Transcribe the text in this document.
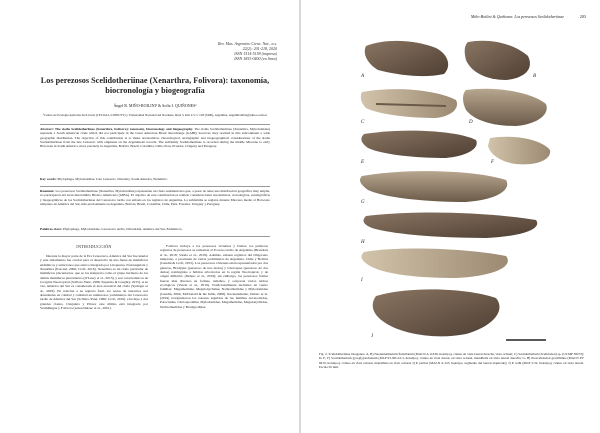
Rev. Mus. Argentino Cienc. Nat., n.s.
22(2): 201-218, 2020
ISSN 1514-5158 (impresa)
ISSN 1853-0400 (en línea)
Los perezosos Scelidotheriinae (Xenarthra, Folivora): taxonomía, biocronología y biogeografía
Ángel R. MIÑO-BOILINI¹ & Sofía I. QUIÑONES¹
¹Centro de Ecología Aplicada del Litoral (CECOAL-CONICET) y Universidad Nacional del Nordeste, Ruta 5, Km 2.5 cc 128 (3400), Argentina. angelmboilini@yahoo.com.ar
Abstract: The sloths Scelidotheriinae (Xenarthra, Folivora): taxonomy, biocronology and biogeography. The sloths Scelidotheriinae (Xenarthra, Mylodontidae) represent a South American clade which did not participate in the Great American Biotic Interchange (GABI); however, they reached in this subcontinent a wide geographic distribution. The objective of this contribution is to make taxonomical, chronological, stratigraphic and biogeographical considerations of the sloths Scelidotheriinae from the late Cenozoic with emphasis on the Argentinean records. The subfamily Scelidotheriinae is recorded during the middle Miocene to early Holocene in South America, more precisely in Argentina, Bolivia, Brazil, Colombia, Chile, Peru, Ecuador, Uruguay and Paraguay.
Key words: Phylophaga, Mylodontidae, Late Cenozoic, Diversity, South America, Endemics.
Resumen: Los perezosos Scelidotheriinae (Xenarthra, Mylodontidae) representan un clado sudamericano que, a pesar de tener una distribución geográfica muy amplia, no participaron del Gran Intercambio Biótico Americano (GIBA). El objetivo de esta contribución es realizar consideraciones taxonómicas, cronológicas, estratigráficas y biogeográficas de los Scelidotheriinae del Cenozoico tardío con énfasis en los registros de Argentina. La subfamilia se registra durante Mioceno medio al Holoceno temprano de América del Sur, más precisamente en Argentina, Bolivia, Brasil, Colombia, Chile, Perú, Ecuador, Uruguay y Paraguay.
Palabras clave: Phylophaga, Mylodontidae, Cenozoico tardío, Diversidad, América del Sur, Endémicos.
INTRODUCCIÓN

Durante la mayor parte de la Era Cenozoica, América del Sur fue insular y este aislamiento fue crucial para el desarrollo de una fauna de mamíferos endémicos y autóctonos que estuvo integrada por Litopterna, Notoungulata y Xenarthra (Pascual, 2006; Croft, 2016). Xenarthra es un clado particular de mamíferos placentarios, que se los interpreta como el grupo hermano de los demás mamíferos placentarios (O'Leary et al., 2013), y son característicos de la región Neotropical (Scillato-Yané, 1986; Superina & Loughry, 2015). A su vez, América del Sur es considerada el área ancestral del clado (Springer et al., 2003). En relación a su registro fósil, los restos de xenartros son abundantes en calidad y cantidad en numerosos yacimientos del Cenozoico tardío de América del Sur (Scillato-Yané, 1986; Croft, 2016). e incluye a dos grandes clados, Cingulata y Pilosa; este último está integrado por Vermilingua y Folivora (sensu Delsuc et al., 2001).

Folivora incluye a los perezosos vivientes y fósiles, los primeros registros de perezosos se remontan al Eoceno tardío de Argentina (Brandoni et al., 2018; Varela et al., 2019). Además, existen registros del Oligoceno temprano, a provienen de varias yacimientos de Argentina, Chile y Bolivia (Gaudin & Croft, 2015). Los perezosos vivientes están representados por dos géneros, Bradypus (perezoso de tres dedos) y Choloepus (perezoso de dos dedos) restringidos a hábitos arborícolas en la región Neotropical, y de origen difilético (Delsuc et al., 2019); sin embargo, los perezosos fósiles fueron más diversos en formas, tamaños, y ocuparon varios nichos ecológicos (Varela et al., 2019). Tradicionalmente incluidos en cuatro familias: Megatheriidae, Megalonychidae, Nothrotheriidae y Mylodontidae (Gaudin, 2004; McDonald & De Iuliis, 2008). Recientemente, Delsuc et al. (2019) reorganizaron los taxones seguidos de las familias Acratocnidae, Parocnidae, Choloepodidae, Mylodontidae, Megatheriidae, Megalonychidae, Nothrotheriidae y Bradypodidae.

Miño-Boilini & Quiñones: Los perezosos Scelidotheriinae	203
A	B
C	D
E	F
G
H
I
J
Fig. 2. Scelidotheriinae Neogenos: A, B) Neonematherium flabellatum (MACN A 11636, holotipo), cráneo en vista lateral derecha, vista oclusal; C) Scelidotherium (Scelidodon) sp. (UCMP 38272); D, E, F) Scelidotherium gyroglyptodontum (MLP 93-XII-22-3, holotipo), cráneo en vista dorsal, en vista oclusal, mandíbula en vista lateral derecha; G, H) Proscelidodon gracillimus (MACN PV 8470, holotipo), cráneo en vista oclusal, mandíbula en vista oclusal; I) P. patrius (MACN A 225, holotipo, segmento del lateral izquierdo); J) P. rothi (MLP 3-32, holotipo), cráneo en vista lateral. Escala 50 mm.
